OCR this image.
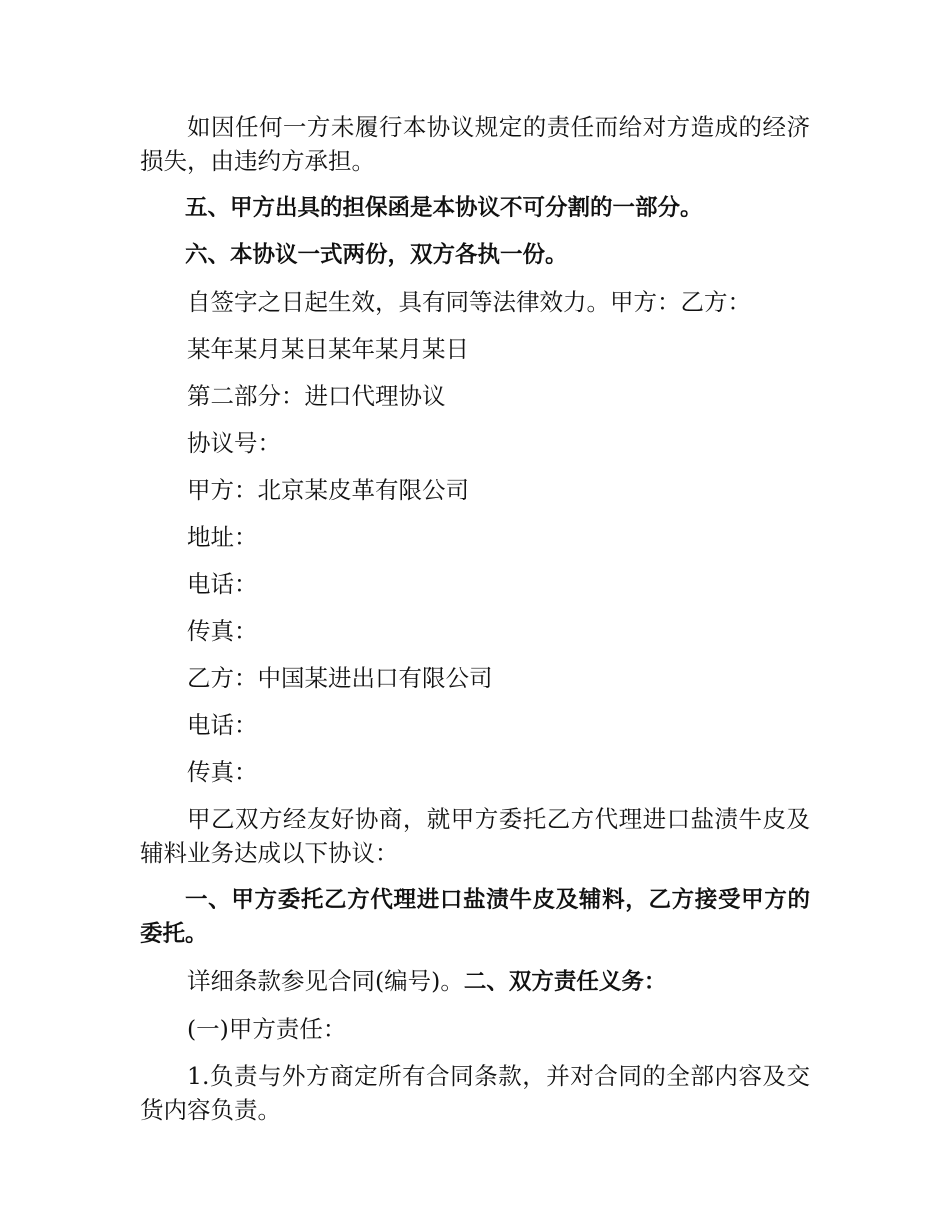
如因任何一方未履行本协议规定的责任而给对方造成的经济损失，由违约方承担。

五、甲方出具的担保函是本协议不可分割的一部分。

六、本协议一式两份，双方各执一份。

自签字之日起生效，具有同等法律效力。甲方：乙方：

某年某月某日某年某月某日

第二部分：进口代理协议

协议号：

甲方：北京某皮革有限公司

地址：

电话：

传真：

乙方：中国某进出口有限公司

电话：

传真：

甲乙双方经友好协商，就甲方委托乙方代理进口盐渍牛皮及辅料业务达成以下协议：

一、甲方委托乙方代理进口盐渍牛皮及辅料，乙方接受甲方的委托。

详细条款参见合同(编号)。二、双方责任义务：

(一)甲方责任：

1.负责与外方商定所有合同条款，并对合同的全部内容及交货内容负责。
